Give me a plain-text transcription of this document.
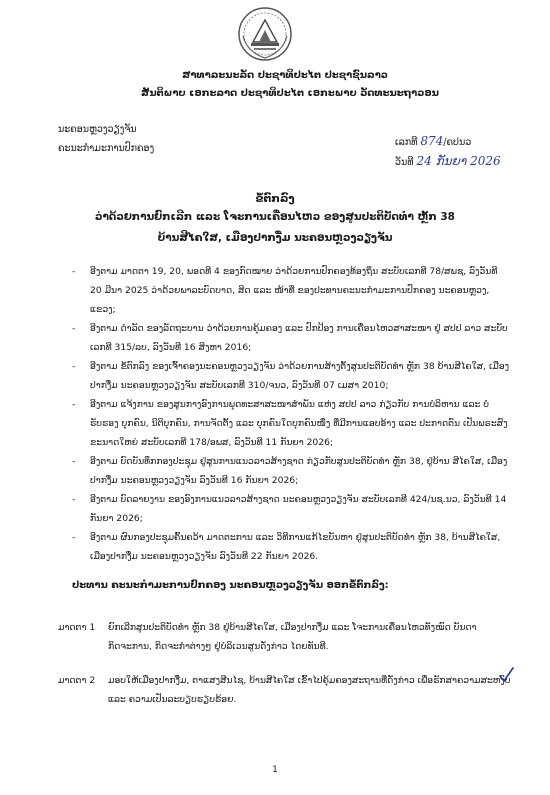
ສາທາລະນະລັດ ປະຊາທິປະໄຕ ປະຊາຊົນລາວ
ສັນຕິພາບ ເອກະລາດ ປະຊາທິປະໄຕ ເອກະພາບ ວັດທະນະຖາວອນ
ນະຄອນຫຼວງວຽງຈັນ
ຄະນະກໍາມະການປົກຄອງ
ເລກທີ 874/ຄປນວ
ວັນທີ 24 ກັນຍາ 2026
ຂໍ້ຕົກລົງ
ວ່າດ້ວຍການຍົກເລີກ ແລະ ໂຈະການເຄື່ອນໄຫວ ຂອງສູນປະຕິບັດທໍາ ຫຼັກ 38
ບ້ານສີໄຄໃສ, ເມືອງປາກງື່ມ ນະຄອນຫຼວງວຽງຈັນ
- ອີງຕາມ ມາດຕາ 19, 20, ພອດທີ 4 ຂອງກົດໝາຍ ວ່າດ້ວຍການປົກຄອງທ້ອງຖິ່ນ ສະບັບເລກທີ 78/ສພຊ, ລົງວັນທີ 20 ມີນາ 2025 ວ່າດ້ວຍພາລະບົດບາດ, ສິດ ແລະ ໜ້າທີ່ ຂອງປະທານຄະນະກໍາມະການປົກຄອງ ນະຄອນຫຼວງ, ແຂວງ;
- ອີງຕາມ ດໍາລັດ ຂອງລັດຖະບານ ວ່າດ້ວຍການຄຸ້ມຄອງ ແລະ ປົກປ້ອງ ການເຄື່ອນໄຫວສາສະໜາ ຢູ່ ສປປ ລາວ ສະບັບເລກທີ 315/ລບ, ລົງວັນທີ 16 ສິງຫາ 2016;
- ອີງຕາມ ຂໍ້ຕົກລົງ ຂອງເຈົ້າຄອງນະຄອນຫຼວງວຽງຈັນ ວ່າດ້ວຍການສ້າງຕັ້ງສູນປະຕິບັດທໍາ ຫຼັກ 38 ບ້ານສີໄຄໃສ, ເມືອງປາກງື່ມ ນະຄອນຫຼວງວຽງຈັນ ສະບັບເລກທີ 310/ຈນວ, ລົງວັນທີ 07 ເມສາ 2010;
- ອີງຕາມ ແຈ້ງການ ຂອງສູນກາງອົງການພຸດທະສາສະໜາສໍາພັນ ແຫ່ງ ສປປ ລາວ ກ່ຽວກັບ ການບໍລິຫານ ແລະ ບໍ່ຮັບຮອງ ບຸກຄົນ, ນິຕິບຸກຄົນ, ການຈັດຕັ້ງ ແລະ ບຸກຄົນໃດບຸກຄົນໜຶ່ງ ທີ່ມີການແອບອ້າງ ແລະ ປະກາດຕົນ ເປັນພຣະສົງຂະນາດໃຫຍ່ ສະບັບເລກທີ 178/ອພສ, ລົງວັນທີ 11 ກັນຍາ 2026;
- ອີງຕາມ ບົດບັນທຶກກອງປະຊຸມ ຢູ່ສູນການແນວລາວສ້າງຊາດ ກ່ຽວກັບສູນປະຕິບັດທໍາ ຫຼັກ 38, ຢູ່ບ້ານ ສີໄຄໃສ, ເມືອງປາກງື່ມ ນະຄອນຫຼວງວຽງຈັນ ລົງວັນທີ 16 ກັນຍາ 2026;
- ອີງຕາມ ບົດລາຍງານ ຂອງອົງການແນວລາວສ້າງຊາດ ນະຄອນຫຼວງວຽງຈັນ ສະບັບເລກທີ 424/ນຊ.ນວ, ລົງວັນທີ 14 ກັນຍາ 2026;
- ອີງຕາມ ຜົນກອງປະຊຸມຄົ້ນຄວ້າ ມາດຕະການ ແລະ ວິທີການແກ້ໄຂບັນຫາ ຢູ່ສູນປະຕິບັດທໍາ ຫຼັກ 38, ບ້ານສີໄຄໃສ, ເມືອງປາກງື່ມ ນະຄອນຫຼວງວຽງຈັນ ລົງວັນທີ 22 ກັນຍາ 2026.
ປະທານ ຄະນະກໍາມະການປົກຄອງ ນະຄອນຫຼວງວຽງຈັນ ອອກຂໍ້ຕົກລົງ:
ມາດຕາ 1	ຍົກເລີກສູນປະຕິບັດທໍາ ຫຼັກ 38 ຢູ່ບ້ານສີໄຄໃສ, ເມືອງປາກງື່ມ ແລະ ໂຈະການເຄື່ອນໄຫວທັງໝົດ ບັນດາກິດຈະການ, ກິດຈະກໍາຕ່າງໆ ຢູ່ບໍລິເວນສູນດັ່ງກ່າວ ໄດຍທັນທີ.
ມາດຕາ 2	ມອບໃຫ້ເມືອງປາກງື່ມ, ຕາແສງສີນໄຊ, ບ້ານສີໄຄໃສ ເຂົ້າໄປຄຸ້ມຄອງສະຖານທີ່ດັ່ງກ່າວ ເພື່ອຮັກສາຄວາມສະຫງົບ ແລະ ຄວາມເປັນລະບຽບຮຽບຮ້ອຍ.
1
